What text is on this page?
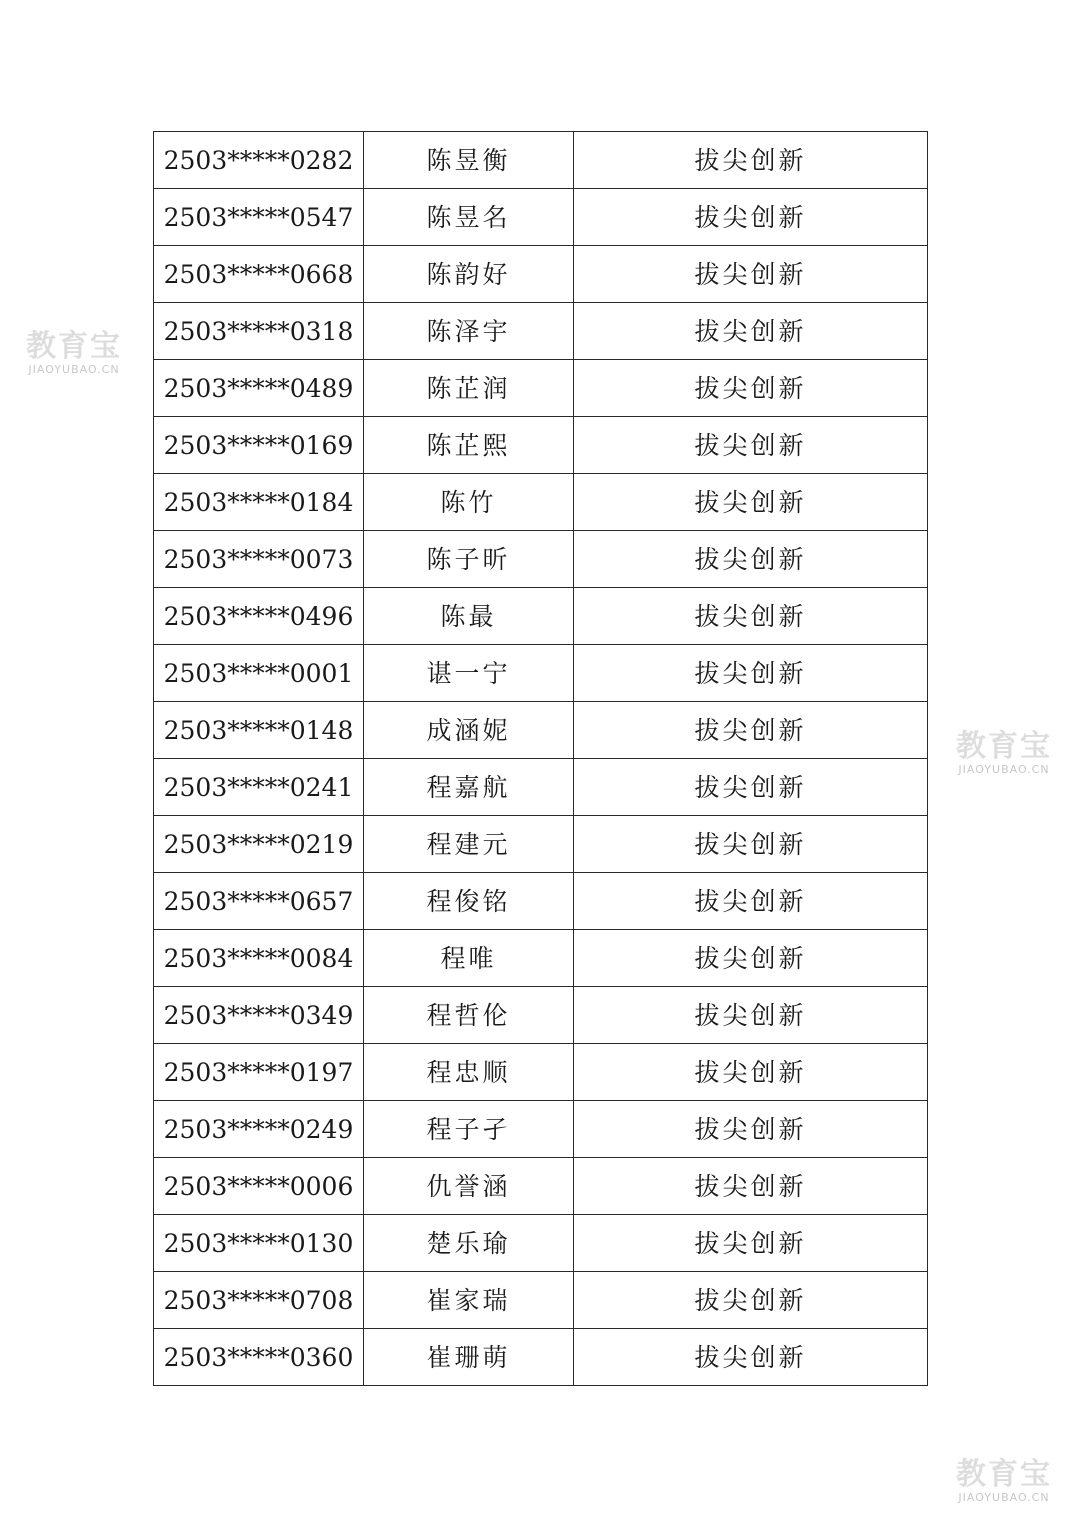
2503*****0282	陈昱衡	拔尖创新
2503*****0547	陈昱名	拔尖创新
2503*****0668	陈韵好	拔尖创新
2503*****0318	陈泽宇	拔尖创新
2503*****0489	陈芷润	拔尖创新
2503*****0169	陈芷熙	拔尖创新
2503*****0184	陈竹	拔尖创新
2503*****0073	陈子昕	拔尖创新
2503*****0496	陈最	拔尖创新
2503*****0001	谌一宁	拔尖创新
2503*****0148	成涵妮	拔尖创新
2503*****0241	程嘉航	拔尖创新
2503*****0219	程建元	拔尖创新
2503*****0657	程俊铭	拔尖创新
2503*****0084	程唯	拔尖创新
2503*****0349	程哲伦	拔尖创新
2503*****0197	程忠顺	拔尖创新
2503*****0249	程子孑	拔尖创新
2503*****0006	仇誉涵	拔尖创新
2503*****0130	楚乐瑜	拔尖创新
2503*****0708	崔家瑞	拔尖创新
2503*****0360	崔珊萌	拔尖创新
教育宝
JIAOYUBAO.CN
教育宝
JIAOYUBAO.CN
教育宝
JIAOYUBAO.CN
